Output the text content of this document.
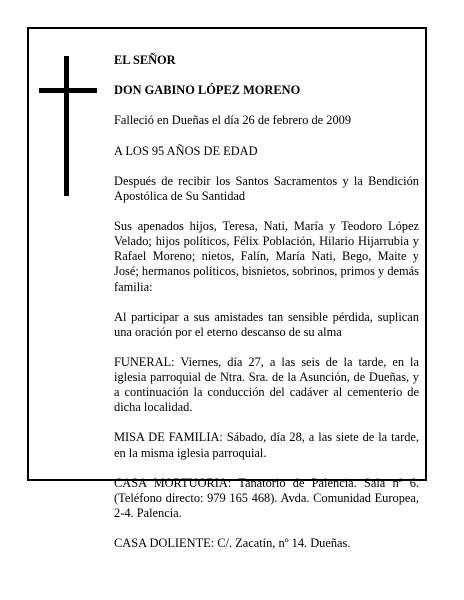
EL SEÑOR

DON GABINO LÓPEZ MORENO

Falleció en Dueñas el día 26 de febrero de 2009

A LOS 95 AÑOS DE EDAD

Después de recibir los Santos Sacramentos y la Bendición Apostólica de Su Santidad

Sus apenados hijos, Teresa, Nati, María y Teodoro López Velado; hijos políticos, Félix Población, Hilario Hijarrubia y Rafael Moreno; nietos, Falín, María Nati, Bego, Maite y José; hermanos políticos, bisnietos, sobrinos, primos y demás familia:

Al participar a sus amistades tan sensible pérdida, suplican una oración por el eterno descanso de su alma

FUNERAL: Viernes, día 27, a las seis de la tarde, en la iglesia parroquial de Ntra. Sra. de la Asunción, de Dueñas, y a continuación la conducción del cadáver al cementerio de dicha localidad.

MISA DE FAMILIA: Sábado, día 28, a las siete de la tarde, en la misma iglesia parroquial.

CASA MORTUORIA: Tanatorio de Palencia. Sala nº 6. (Teléfono directo: 979 165 468). Avda. Comunidad Europea, 2-4. Palencia.

CASA DOLIENTE: C/. Zacatín, nº 14. Dueñas.
